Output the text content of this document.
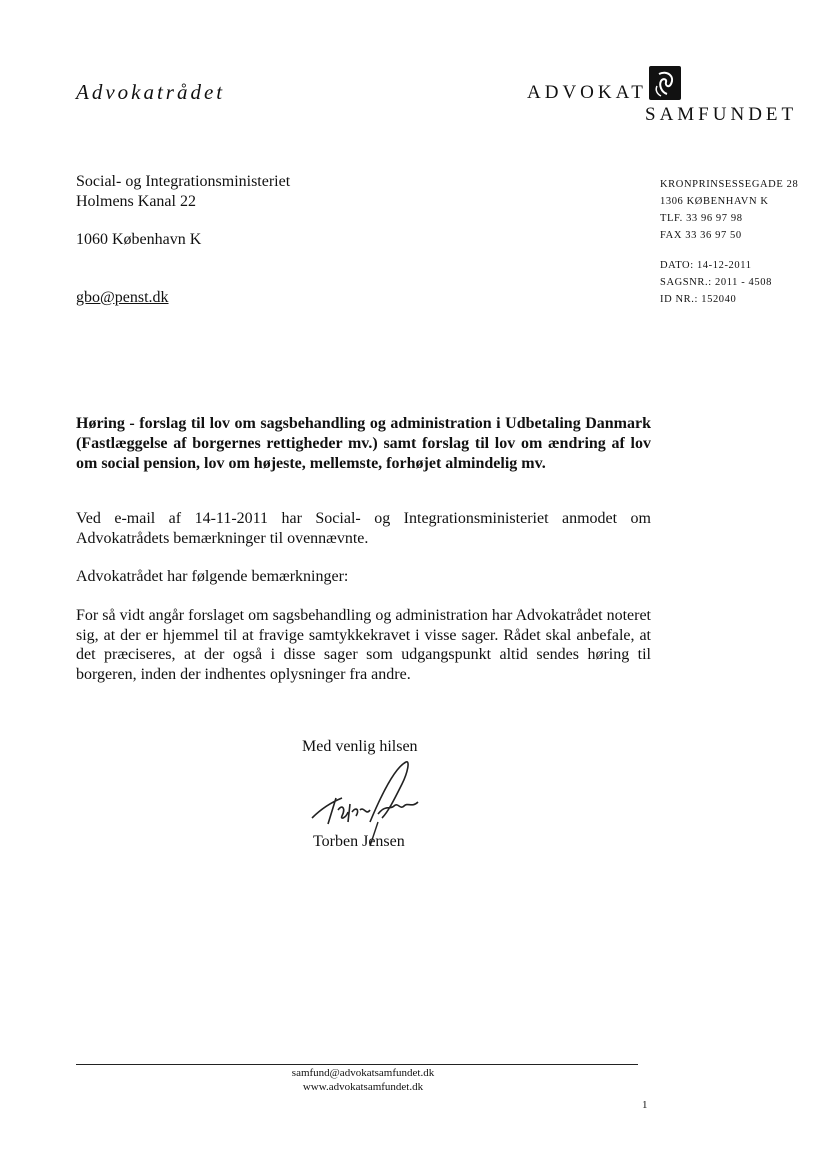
Advokatrådet	ADVOKAT
SAMFUNDET
Social- og Integrationsministeriet
Holmens Kanal 22
1060 København K
gbo@penst.dk
KRONPRINSESSEGADE 28
1306 KØBENHAVN K
TLF. 33 96 97 98
FAX 33 36 97 50
DATO: 14-12-2011
SAGSNR.: 2011 - 4508
ID NR.: 152040
Høring - forslag til lov om sagsbehandling og administration i Udbetaling Danmark (Fastlæggelse af borgernes rettigheder mv.) samt forslag til lov om ændring af lov om social pension, lov om højeste, mellemste, forhøjet almindelig mv.
Ved e-mail af 14-11-2011 har Social- og Integrationsministeriet anmodet om Advokatrådets bemærkninger til ovennævnte.
Advokatrådet har følgende bemærkninger:
For så vidt angår forslaget om sagsbehandling og administration har Advokatrådet noteret sig, at der er hjemmel til at fravige samtykkekravet i visse sager. Rådet skal anbefale, at det præciseres, at der også i disse sager som udgangspunkt altid sendes høring til borgeren, inden der indhentes oplysninger fra andre.
Med venlig hilsen
Torben Jensen
samfund@advokatsamfundet.dk
www.advokatsamfundet.dk
1
